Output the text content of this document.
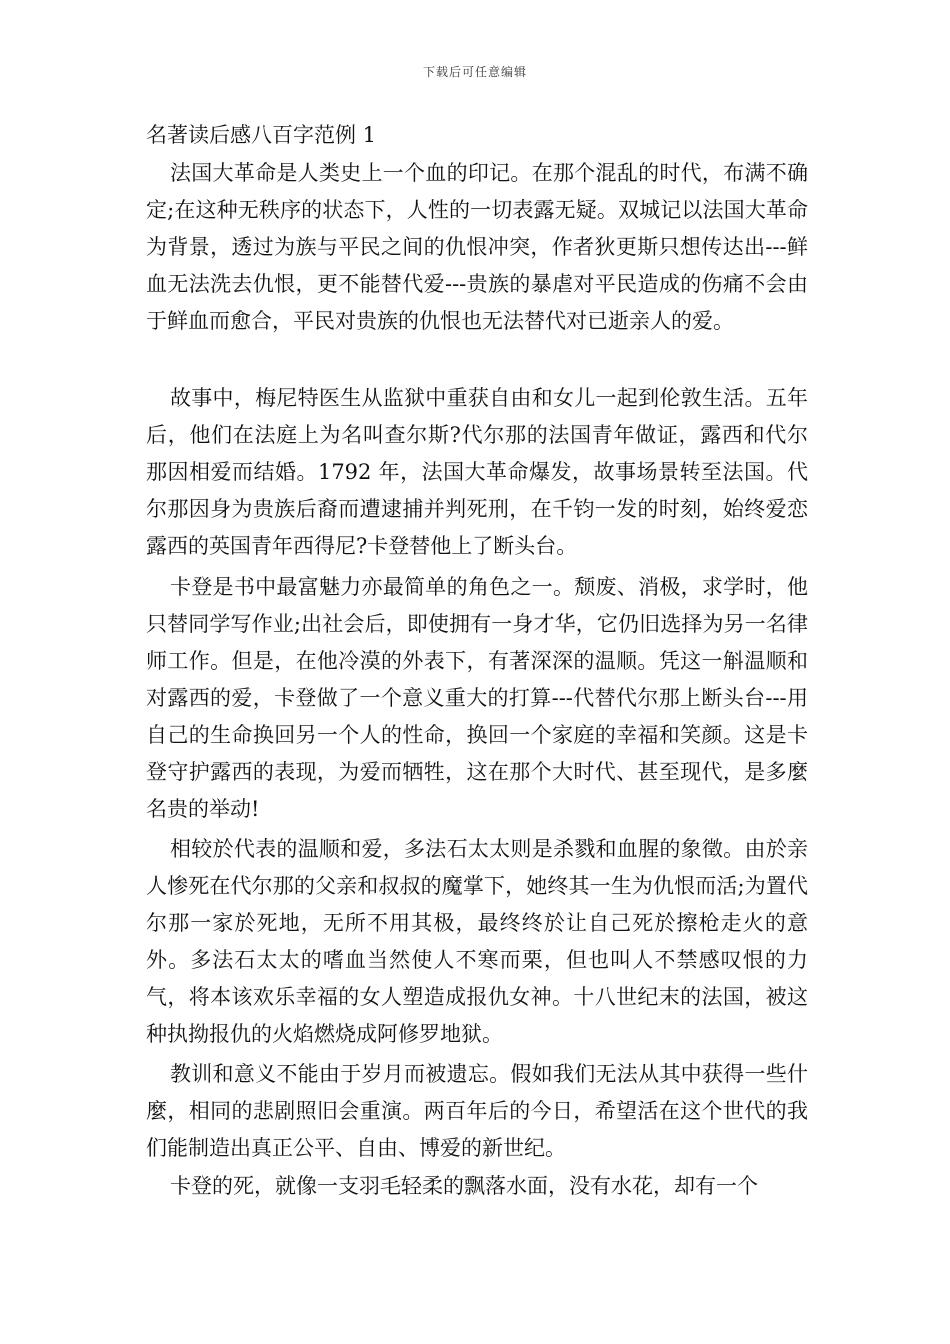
下载后可任意编辑
名著读后感八百字范例 1

法国大革命是人类史上一个血的印记。在那个混乱的时代，布满不确定;在这种无秩序的状态下，人性的一切表露无疑。双城记以法国大革命为背景，透过为族与平民之间的仇恨冲突，作者狄更斯只想传达出---鲜血无法洗去仇恨，更不能替代爱---贵族的暴虐对平民造成的伤痛不会由于鲜血而愈合，平民对贵族的仇恨也无法替代对已逝亲人的爱。

故事中，梅尼特医生从监狱中重获自由和女儿一起到伦敦生活。五年后，他们在法庭上为名叫查尔斯?代尔那的法国青年做证，露西和代尔那因相爱而结婚。1792 年，法国大革命爆发，故事场景转至法国。代尔那因身为贵族后裔而遭逮捕并判死刑，在千钧一发的时刻，始终爱恋露西的英国青年西得尼?卡登替他上了断头台。

卡登是书中最富魅力亦最简单的角色之一。颓废、消极，求学时，他只替同学写作业;出社会后，即使拥有一身才华，它仍旧选择为另一名律师工作。但是，在他冷漠的外表下，有著深深的温顺。凭这一斛温顺和对露西的爱，卡登做了一个意义重大的打算---代替代尔那上断头台---用自己的生命换回另一个人的性命，换回一个家庭的幸福和笑颜。这是卡登守护露西的表现，为爱而牺牲，这在那个大时代、甚至现代，是多麼名贵的举动!

相较於代表的温顺和爱，多法石太太则是杀戮和血腥的象徵。由於亲人惨死在代尔那的父亲和叔叔的魔掌下，她终其一生为仇恨而活;为置代尔那一家於死地，无所不用其极，最终终於让自己死於擦枪走火的意外。多法石太太的嗜血当然使人不寒而栗，但也叫人不禁感叹恨的力气，将本该欢乐幸福的女人塑造成报仇女神。十八世纪末的法国，被这种执拗报仇的火焰燃烧成阿修罗地狱。

教训和意义不能由于岁月而被遗忘。假如我们无法从其中获得一些什麼，相同的悲剧照旧会重演。两百年后的今日，希望活在这个世代的我们能制造出真正公平、自由、博爱的新世纪。

卡登的死，就像一支羽毛轻柔的飘落水面，没有水花，却有一个
